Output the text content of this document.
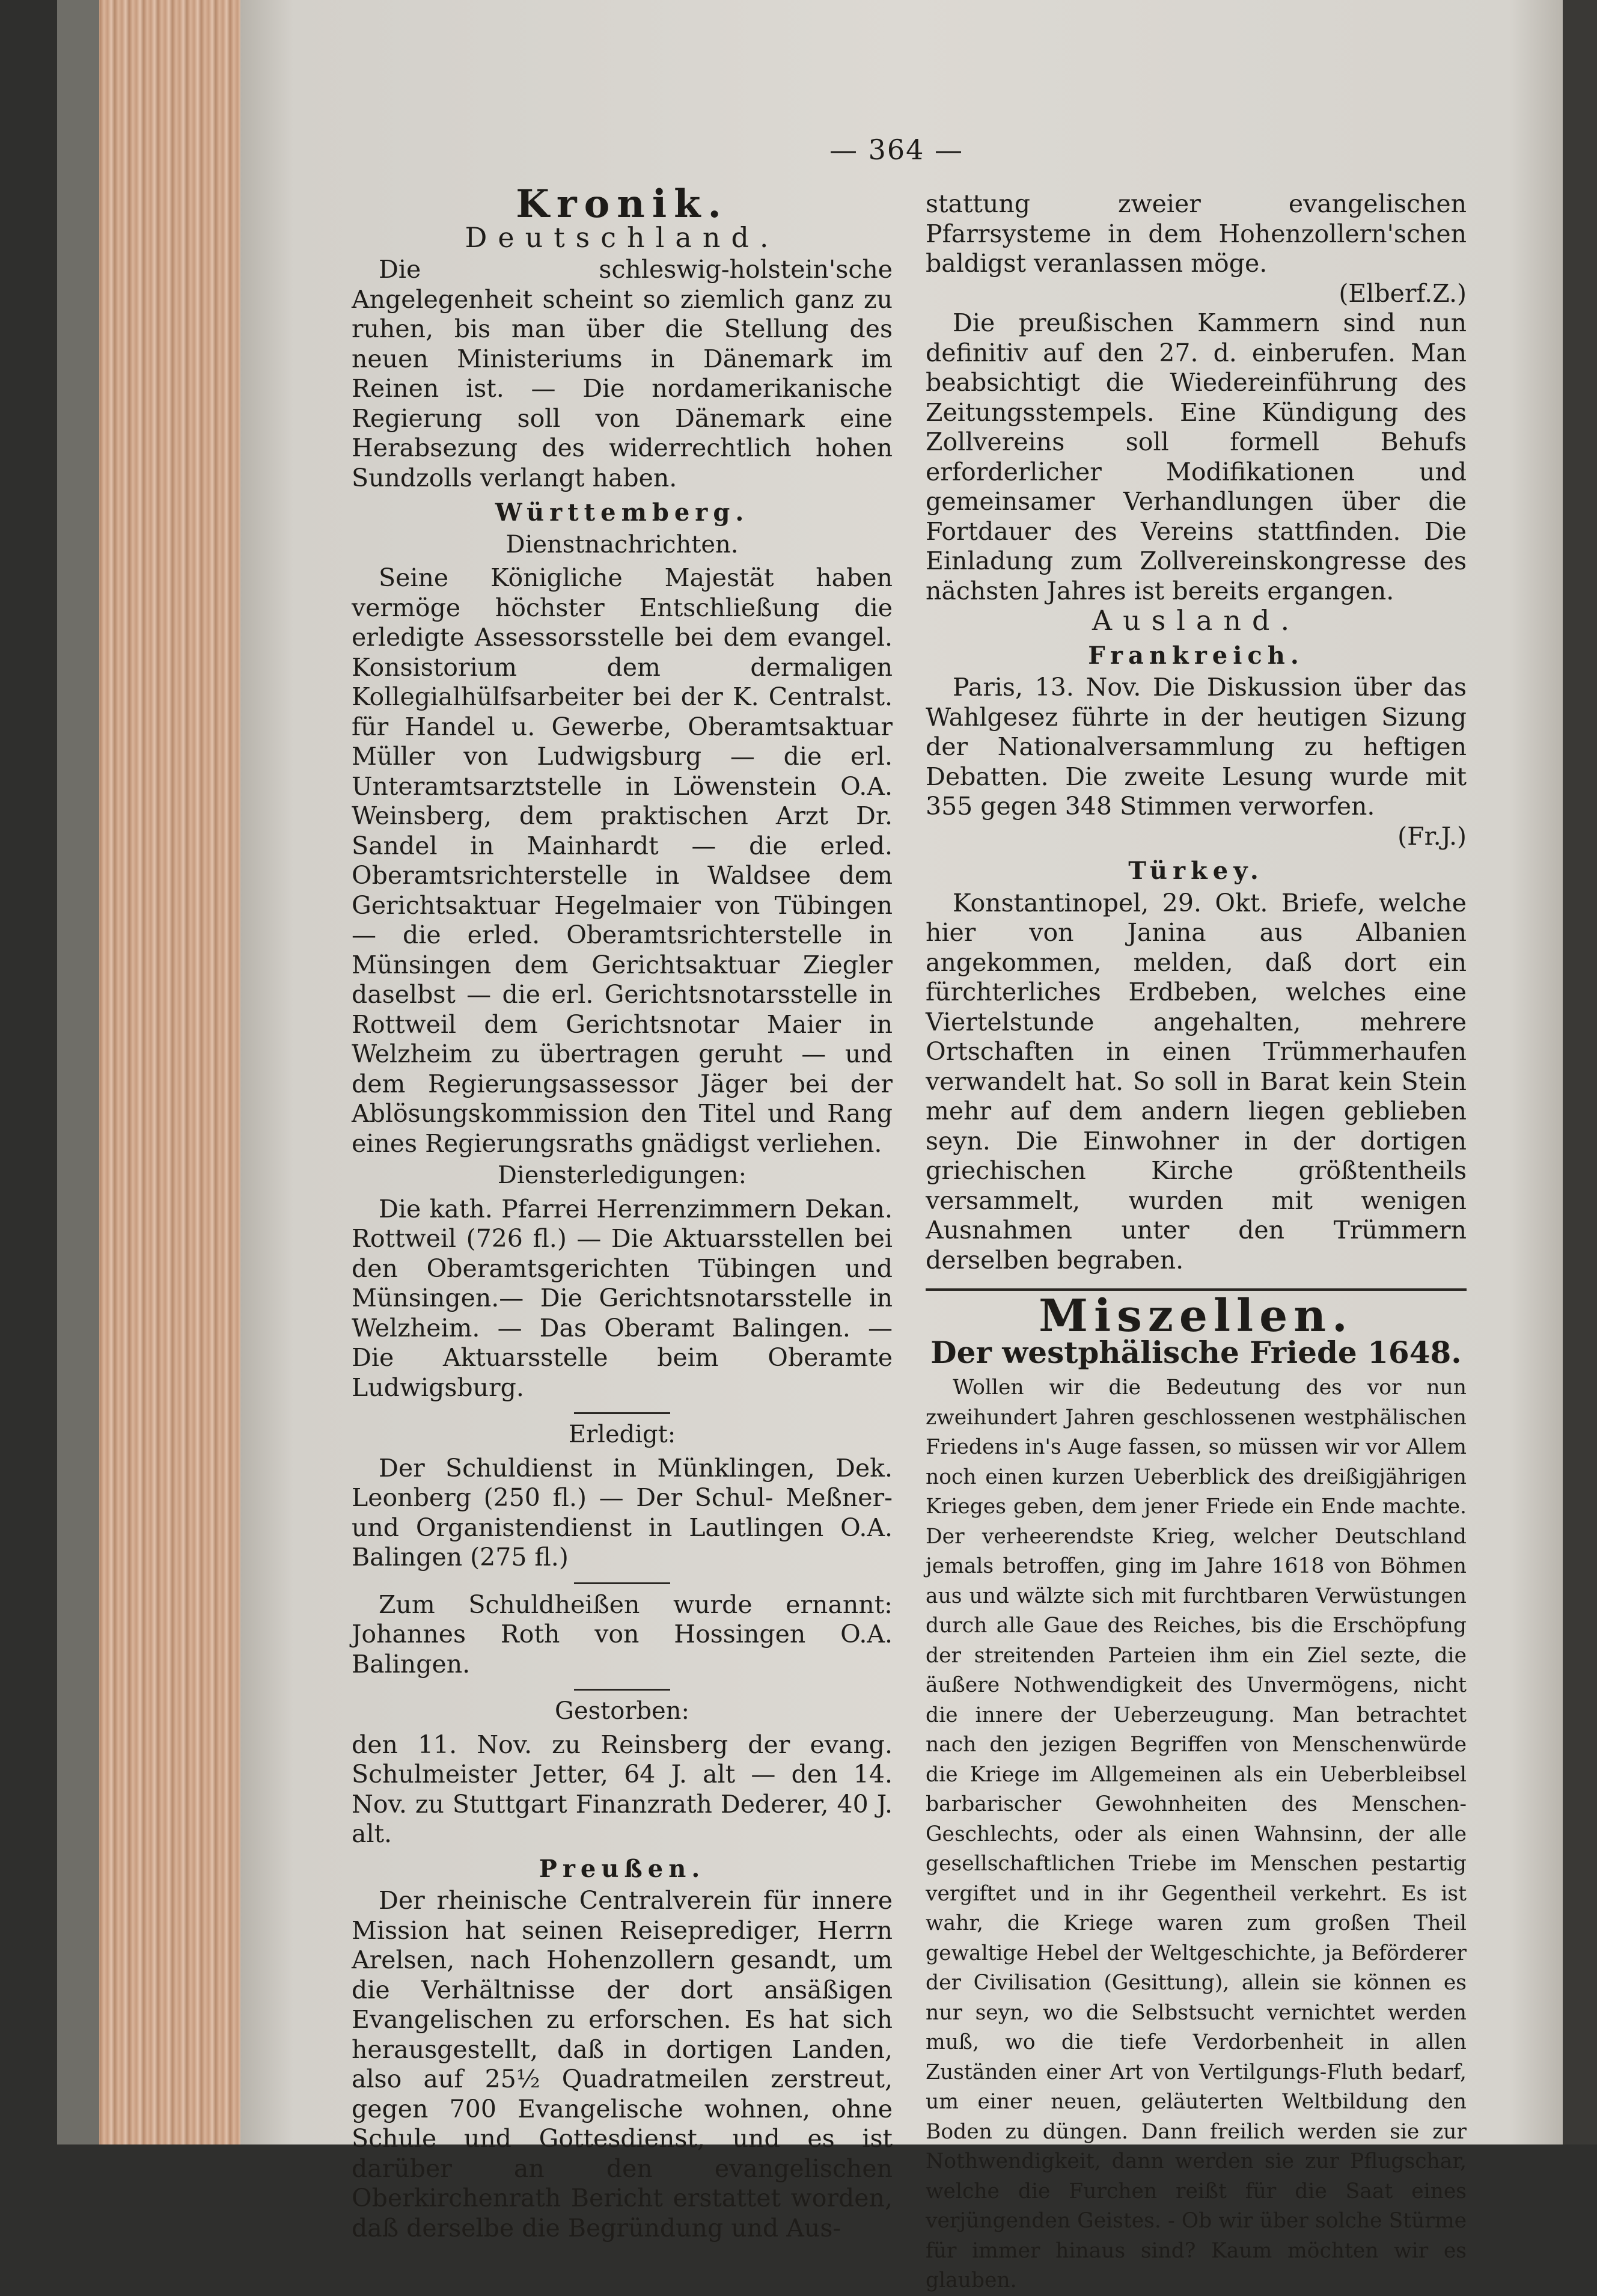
— 364 —
Kronik.
Deutschland.

Die schleswig-holstein'sche Angelegenheit scheint so ziemlich ganz zu ruhen, bis man über die Stellung des neuen Ministeriums in Dänemark im Reinen ist. — Die nordamerikanische Regierung soll von Dänemark eine Herabsezung des widerrechtlich hohen Sundzolls verlangt haben.

Württemberg.
Dienstnachrichten.

Seine Königliche Majestät haben vermöge höchster Entschließung die erledigte Assessorsstelle bei dem evangel. Konsistorium dem dermaligen Kollegialhülfsarbeiter bei der K. Centralst. für Handel u. Gewerbe, Oberamtsaktuar Müller von Ludwigsburg — die erl. Unteramtsarztstelle in Löwenstein O.A. Weinsberg, dem praktischen Arzt Dr. Sandel in Mainhardt — die erled. Oberamtsrichterstelle in Waldsee dem Gerichtsaktuar Hegelmaier von Tübingen — die erled. Oberamtsrichterstelle in Münsingen dem Gerichtsaktuar Ziegler daselbst — die erl. Gerichtsnotarsstelle in Rottweil dem Gerichtsnotar Maier in Welzheim zu übertragen geruht — und dem Regierungsassessor Jäger bei der Ablösungskommission den Titel und Rang eines Regierungsraths gnädigst verliehen.

Diensterledigungen:

Die kath. Pfarrei Herrenzimmern Dekan. Rottweil (726 fl.) — Die Aktuarsstellen bei den Oberamtsgerichten Tübingen und Münsingen.— Die Gerichtsnotarsstelle in Welzheim. — Das Oberamt Balingen. — Die Aktuarsstelle beim Oberamte Ludwigsburg.

Erledigt:

Der Schuldienst in Münklingen, Dek. Leonberg (250 fl.) — Der Schul- Meßner- und Organistendienst in Lautlingen O.A. Balingen (275 fl.)

Zum Schuldheißen wurde ernannt: Johannes Roth von Hossingen O.A. Balingen.

Gestorben:

den 11. Nov. zu Reinsberg der evang. Schulmeister Jetter, 64 J. alt — den 14. Nov. zu Stuttgart Finanzrath Dederer, 40 J. alt.

Preußen.

Der rheinische Centralverein für innere Mission hat seinen Reiseprediger, Herrn Arelsen, nach Hohenzollern gesandt, um die Verhältnisse der dort ansäßigen Evangelischen zu erforschen. Es hat sich herausgestellt, daß in dortigen Landen, also auf 25½ Quadratmeilen zerstreut, gegen 700 Evangelische wohnen, ohne Schule und Gottesdienst, und es ist darüber an den evangelischen Oberkirchenrath Bericht erstattet worden, daß derselbe die Begründung und Aus-

stattung zweier evangelischen Pfarrsysteme in dem Hohenzollern'schen baldigst veranlassen möge.

(Elberf.Z.)

Die preußischen Kammern sind nun definitiv auf den 27. d. einberufen. Man beabsichtigt die Wiedereinführung des Zeitungsstempels. Eine Kündigung des Zollvereins soll formell Behufs erforderlicher Modifikationen und gemeinsamer Verhandlungen über die Fortdauer des Vereins stattfinden. Die Einladung zum Zollvereinskongresse des nächsten Jahres ist bereits ergangen.

Ausland.
Frankreich.

Paris, 13. Nov. Die Diskussion über das Wahlgesez führte in der heutigen Sizung der Nationalversammlung zu heftigen Debatten. Die zweite Lesung wurde mit 355 gegen 348 Stimmen verworfen.

(Fr.J.)
Türkey.

Konstantinopel, 29. Okt. Briefe, welche hier von Janina aus Albanien angekommen, melden, daß dort ein fürchterliches Erdbeben, welches eine Viertelstunde angehalten, mehrere Ortschaften in einen Trümmerhaufen verwandelt hat. So soll in Barat kein Stein mehr auf dem andern liegen geblieben seyn. Die Einwohner in der dortigen griechischen Kirche größtentheils versammelt, wurden mit wenigen Ausnahmen unter den Trümmern derselben begraben.

Miszellen.
Der westphälische Friede 1648.

Wollen wir die Bedeutung des vor nun zweihundert Jahren geschlossenen westphälischen Friedens in's Auge fassen, so müssen wir vor Allem noch einen kurzen Ueberblick des dreißigjährigen Krieges geben, dem jener Friede ein Ende machte. Der verheerendste Krieg, welcher Deutschland jemals betroffen, ging im Jahre 1618 von Böhmen aus und wälzte sich mit furchtbaren Verwüstungen durch alle Gaue des Reiches, bis die Erschöpfung der streitenden Parteien ihm ein Ziel sezte, die äußere Nothwendigkeit des Unvermögens, nicht die innere der Ueberzeugung. Man betrachtet nach den jezigen Begriffen von Menschenwürde die Kriege im Allgemeinen als ein Ueberbleibsel barbarischer Gewohnheiten des Menschen-Geschlechts, oder als einen Wahnsinn, der alle gesellschaftlichen Triebe im Menschen pestartig vergiftet und in ihr Gegentheil verkehrt. Es ist wahr, die Kriege waren zum großen Theil gewaltige Hebel der Weltgeschichte, ja Beförderer der Civilisation (Gesittung), allein sie können es nur seyn, wo die Selbstsucht vernichtet werden muß, wo die tiefe Verdorbenheit in allen Zuständen einer Art von Vertilgungs-Fluth bedarf, um einer neuen, geläuterten Weltbildung den Boden zu düngen. Dann freilich werden sie zur Nothwendigkeit, dann werden sie zur Pflugschar, welche die Furchen reißt für die Saat eines verjüngenden Geistes. - Ob wir über solche Stürme für immer hinaus sind? Kaum möchten wir es glauben.
